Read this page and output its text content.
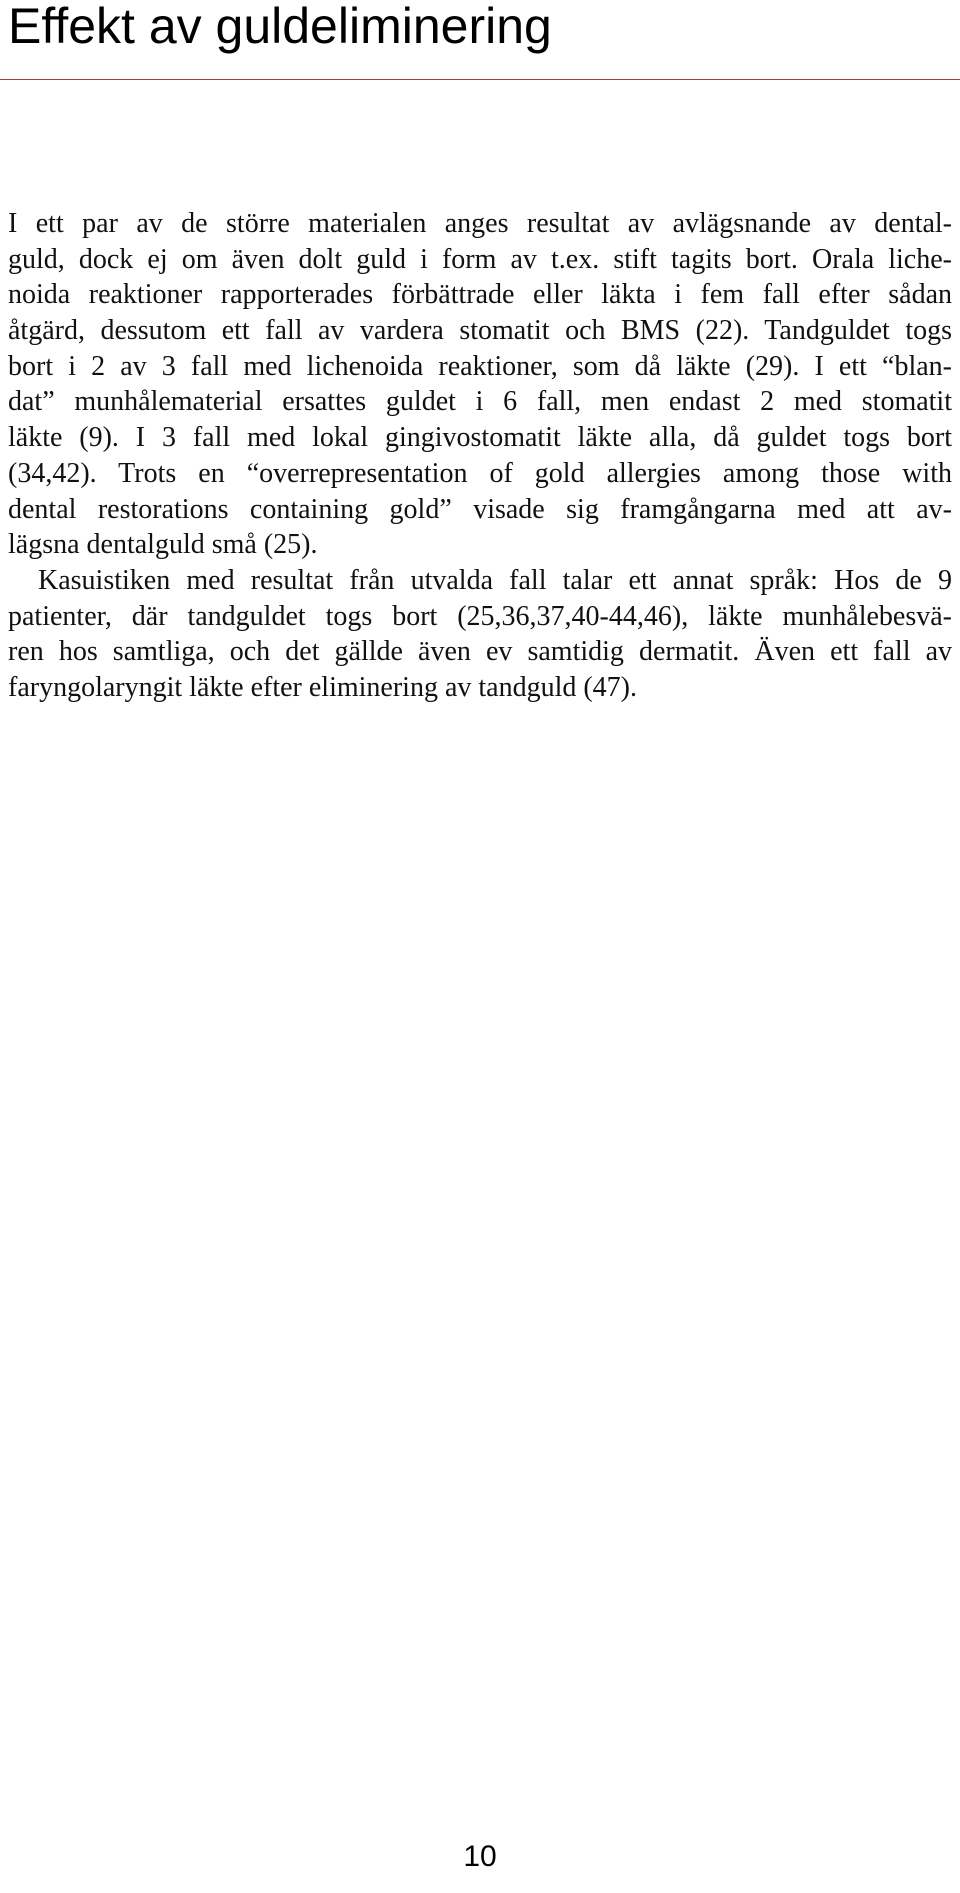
Effekt av guldeliminering
I ett par av de större materialen anges resultat av avlägsnande av dental-
guld, dock ej om även dolt guld i form av t.ex. stift tagits bort. Orala liche-
noida reaktioner rapporterades förbättrade eller läkta i fem fall efter sådan
åtgärd, dessutom ett fall av vardera stomatit och BMS (22). Tandguldet togs
bort i 2 av 3 fall med lichenoida reaktioner, som då läkte (29). I ett “blan-
dat” munhålematerial ersattes guldet i 6 fall, men endast 2 med stomatit
läkte (9). I 3 fall med lokal gingivostomatit läkte alla, då guldet togs bort
(34,42). Trots en “overrepresentation of gold allergies among those with
dental restorations containing gold” visade sig framgångarna med att av-
lägsna dentalguld små (25).
Kasuistiken med resultat från utvalda fall talar ett annat språk: Hos de 9
patienter, där tandguldet togs bort (25,36,37,40-44,46), läkte munhålebesvä-
ren hos samtliga, och det gällde även ev samtidig dermatit. Även ett fall av
faryngolaryngit läkte efter eliminering av tandguld (47).
10
